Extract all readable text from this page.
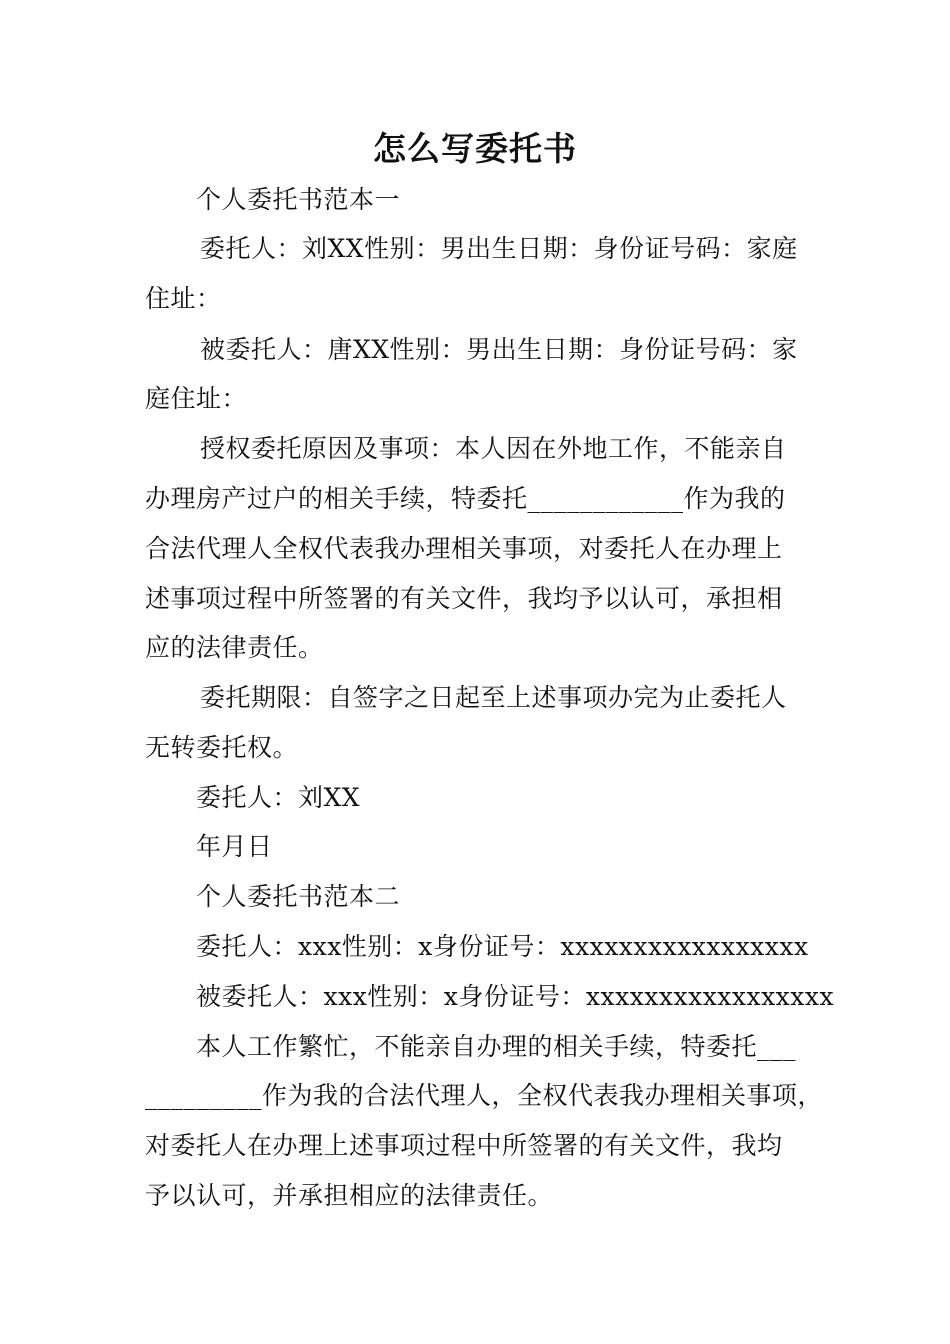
怎么写委托书
个人委托书范本一
委托人：刘XX性别：男出生日期：身份证号码：家庭
住址：
被委托人：唐XX性别：男出生日期：身份证号码：家
庭住址：
授权委托原因及事项：本人因在外地工作，不能亲自
办理房产过户的相关手续，特委托____________作为我的
合法代理人全权代表我办理相关事项，对委托人在办理上
述事项过程中所签署的有关文件，我均予以认可，承担相
应的法律责任。
委托期限：自签字之日起至上述事项办完为止委托人
无转委托权。
委托人：刘XX
年月日
个人委托书范本二
委托人：xxx性别：x身份证号：xxxxxxxxxxxxxxxxx
被委托人：xxx性别：x身份证号：xxxxxxxxxxxxxxxxx
本人工作繁忙，不能亲自办理的相关手续，特委托___
_________作为我的合法代理人，全权代表我办理相关事项，
对委托人在办理上述事项过程中所签署的有关文件，我均
予以认可，并承担相应的法律责任。
